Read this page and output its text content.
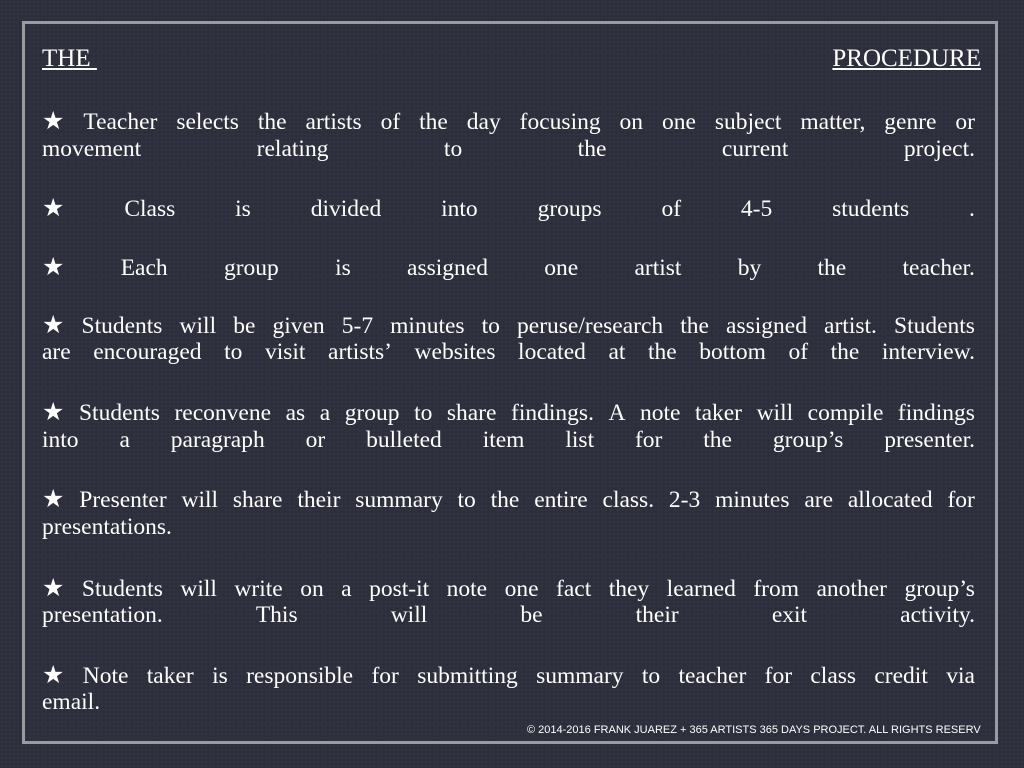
THE	PROCEDURE
★ Teacher selects the artists of the day focusing on one subject matter, genre or
movement	relating	to	the	current	project.
★	Class	is	divided	into	groups	of	4-5	students	.
★ Each group is assigned one artist by the teacher.
★ Students will be given 5-7 minutes to peruse/research the assigned artist. Students
are encouraged to visit artists’ websites located at the bottom of the interview.
★ Students reconvene as a group to share findings. A note taker will compile findings
into a paragraph or bulleted item list for the group’s presenter.
★ Presenter will share their summary to the entire class. 2-3 minutes are allocated for
presentations.
★ Students will write on a post-it note one fact they learned from another group’s
presentation.	This	will	be	their	exit	activity.
★ Note taker is responsible for submitting summary to teacher for class credit via
email.
© 2014-2016 FRANK JUAREZ + 365 ARTISTS 365 DAYS PROJECT. ALL RIGHTS RESERV
